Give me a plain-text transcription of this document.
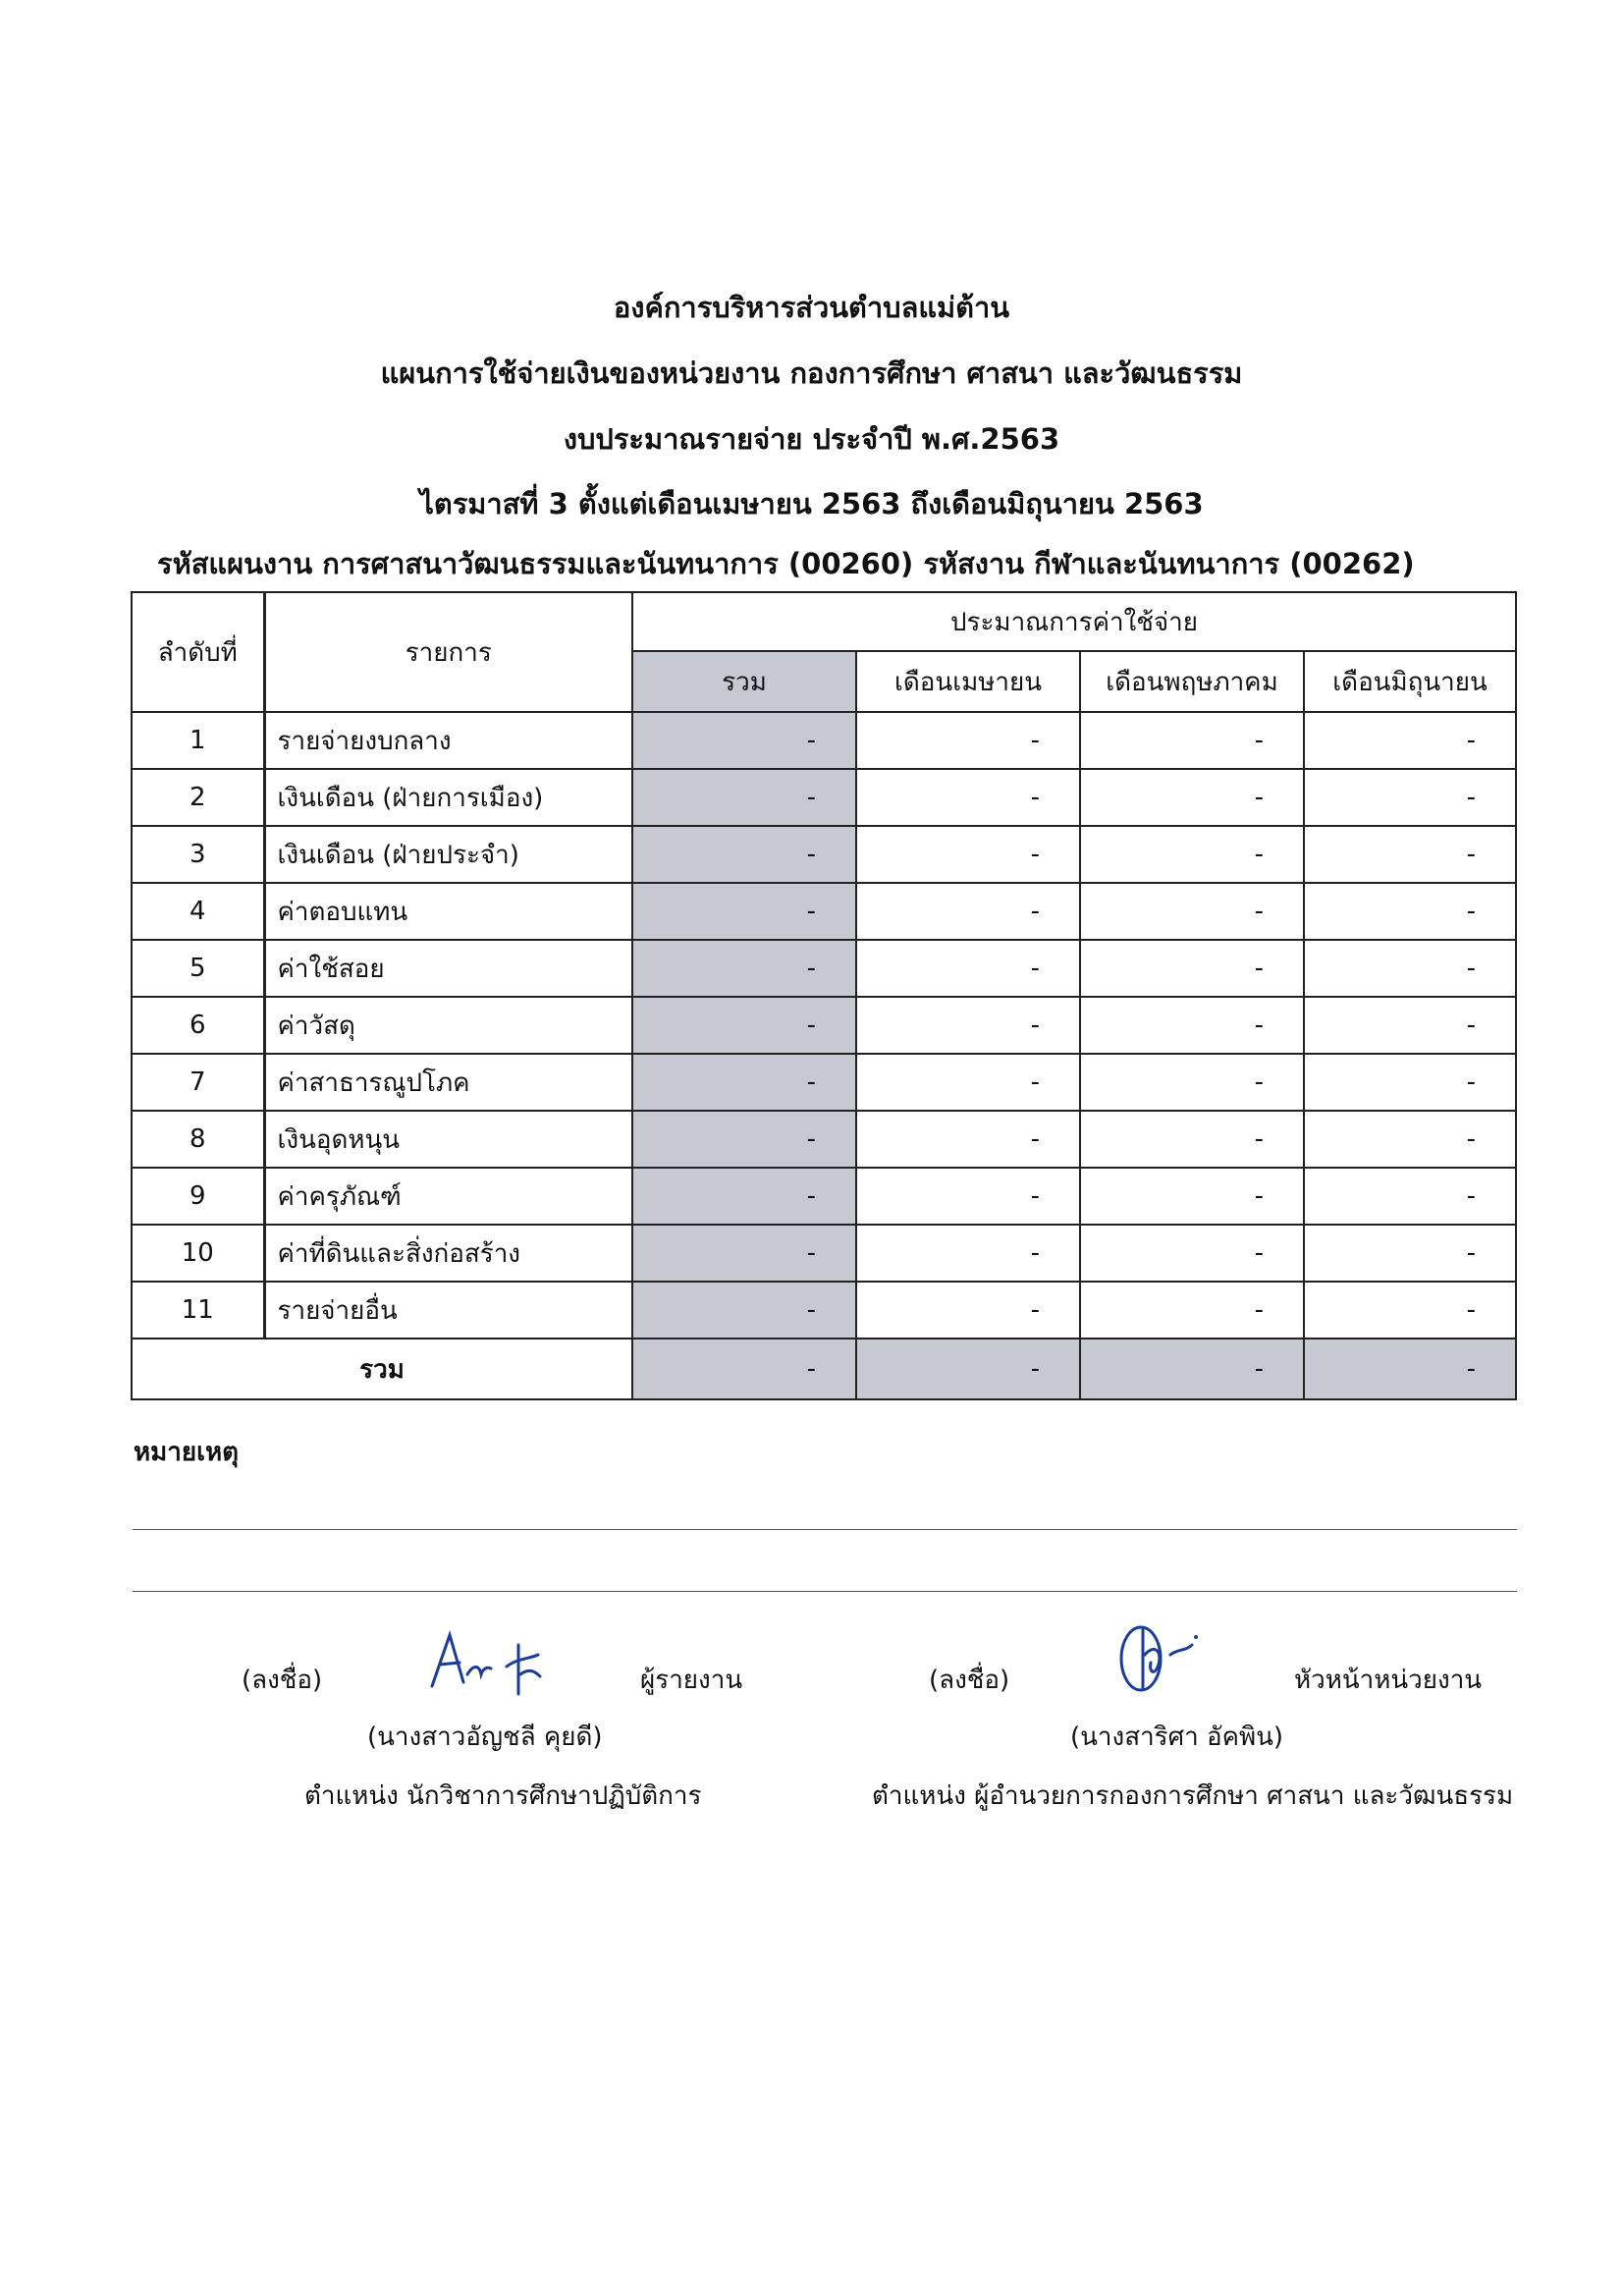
องค์การบริหารส่วนตำบลแม่ต้าน
แผนการใช้จ่ายเงินของหน่วยงาน กองการศึกษา ศาสนา และวัฒนธรรม
งบประมาณรายจ่าย ประจำปี พ.ศ.2563
ไตรมาสที่ 3 ตั้งแต่เดือนเมษายน 2563 ถึงเดือนมิถุนายน 2563
รหัสแผนงาน การศาสนาวัฒนธรรมและนันทนาการ (00260) รหัสงาน กีฬาและนันทนาการ (00262)
ลำดับที่	รายการ	ประมาณการค่าใช้จ่าย			
		รวม	เดือนเมษายน	เดือนพฤษภาคม	เดือนมิถุนายน
1	รายจ่ายงบกลาง	-	-	-	-
2	เงินเดือน (ฝ่ายการเมือง)	-	-	-	-
3	เงินเดือน (ฝ่ายประจำ)	-	-	-	-
4	ค่าตอบแทน	-	-	-	-
5	ค่าใช้สอย	-	-	-	-
6	ค่าวัสดุ	-	-	-	-
7	ค่าสาธารณูปโภค	-	-	-	-
8	เงินอุดหนุน	-	-	-	-
9	ค่าครุภัณฑ์	-	-	-	-
10	ค่าที่ดินและสิ่งก่อสร้าง	-	-	-	-
11	รายจ่ายอื่น	-	-	-	-
รวม		-	-	-	-
หมายเหตุ
(ลงชื่อ)	ผู้รายงาน
(นางสาวอัญชลี คุยดี)
ตำแหน่ง นักวิชาการศึกษาปฏิบัติการ
(ลงชื่อ)	หัวหน้าหน่วยงาน
(นางสาริศา อัคพิน)
ตำแหน่ง ผู้อำนวยการกองการศึกษา ศาสนา และวัฒนธรรม
